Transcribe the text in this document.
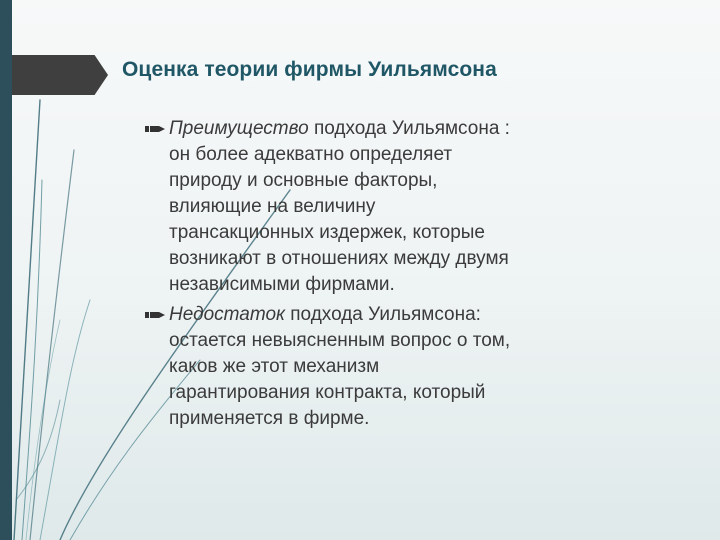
Оценка теории фирмы Уильямсона
Преимущество подхода Уильямсона :
он более адекватно определяет
природу и основные факторы,
влияющие на величину
трансакционных издержек, которые
возникают в отношениях между двумя
независимыми фирмами.
Недостаток подхода Уильямсона:
остается невыясненным вопрос о том,
каков же этот механизм
гарантирования контракта, который
применяется в фирме.
